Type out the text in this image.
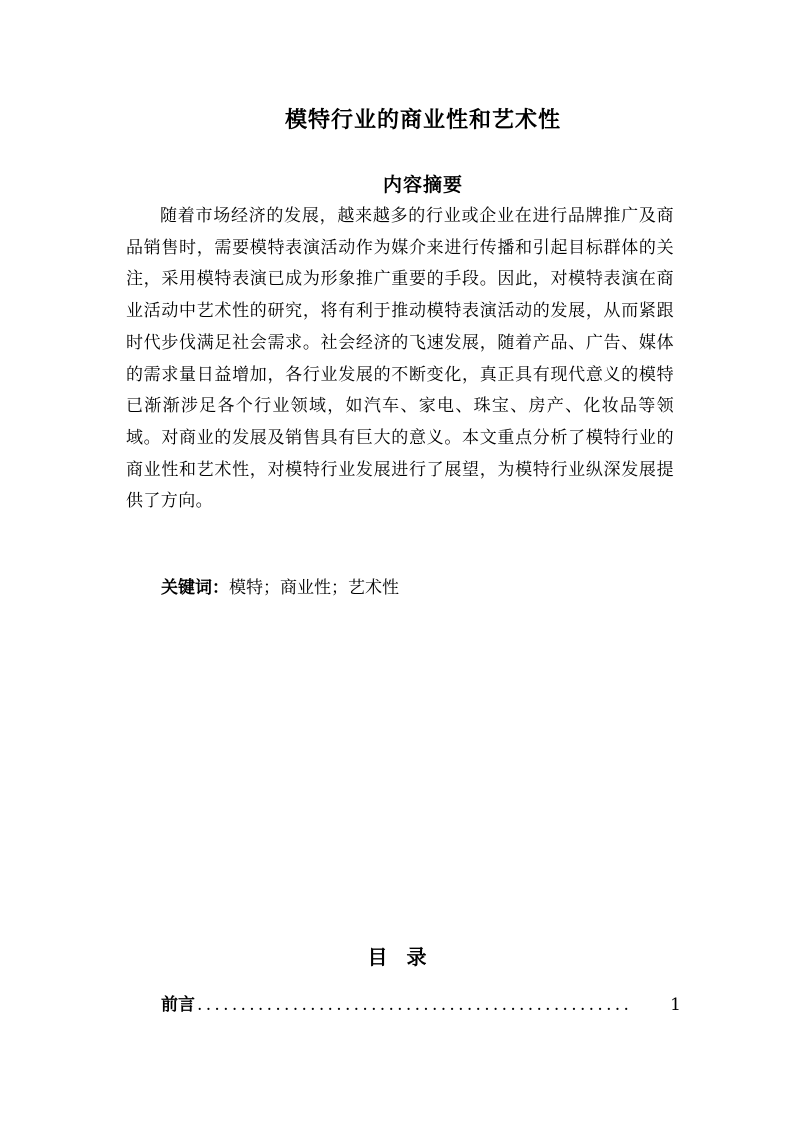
模特行业的商业性和艺术性
内容摘要

随着市场经济的发展，越来越多的行业或企业在进行品牌推广及商品销售时，需要模特表演活动作为媒介来进行传播和引起目标群体的关注，采用模特表演已成为形象推广重要的手段。因此，对模特表演在商业活动中艺术性的研究，将有利于推动模特表演活动的发展，从而紧跟时代步伐满足社会需求。社会经济的飞速发展，随着产品、广告、媒体的需求量日益增加，各行业发展的不断变化，真正具有现代意义的模特已渐渐涉足各个行业领域，如汽车、家电、珠宝、房产、化妆品等领域。对商业的发展及销售具有巨大的意义。本文重点分析了模特行业的商业性和艺术性，对模特行业发展进行了展望，为模特行业纵深发展提供了方向。

关键词：模特；商业性；艺术性
目 录
前言 ..................................................	1
